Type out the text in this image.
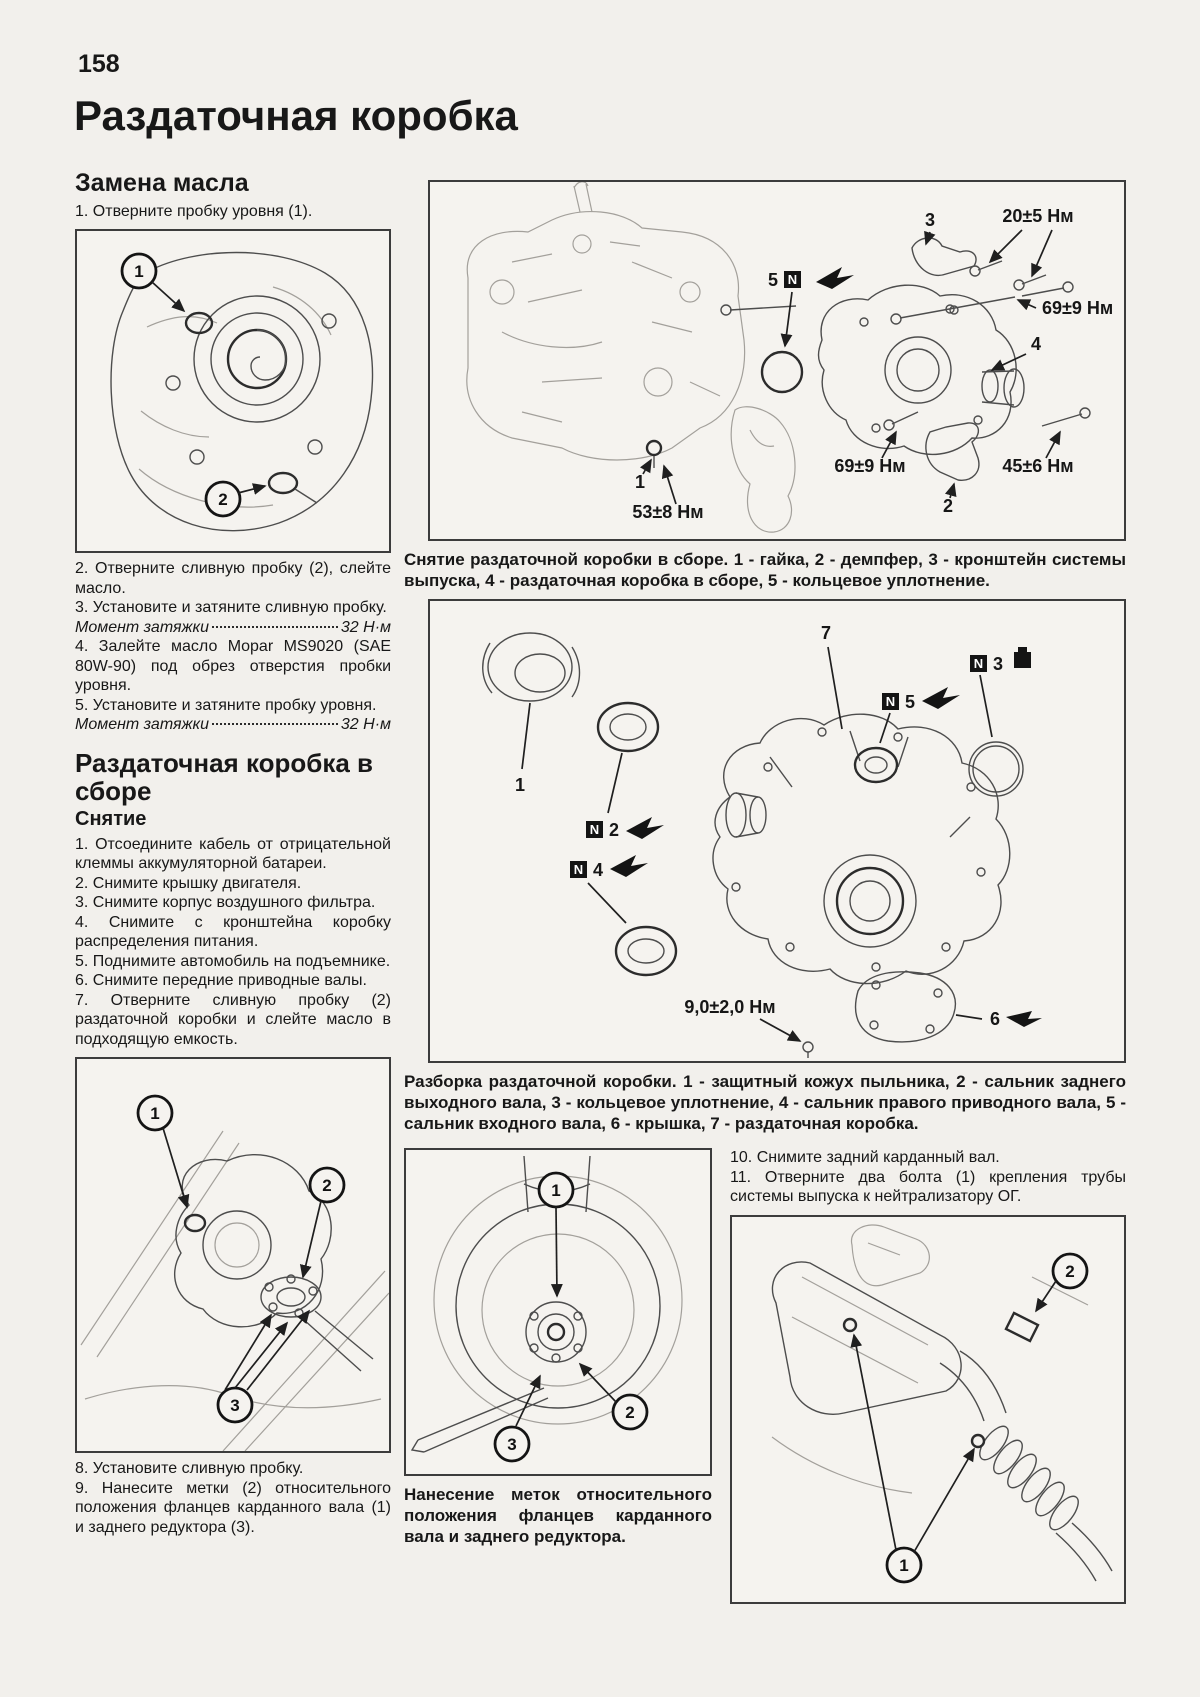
158
Раздаточная коробка
Замена масла

1. Отверните пробку уровня (1).

1
2

2. Отверните сливную пробку (2), слейте масло.

3. Установите и затяните сливную пробку.

Момент затяжки	32 Н·м

4. Залейте масло Mopar MS9020 (SAE 80W-90) под обрез отверстия пробки уровня.

5. Установите и затяните пробку уровня.

Момент затяжки	32 Н·м
Раздаточная коробка в сборе
Снятие

1. Отсоедините кабель от отрицательной клеммы аккумуляторной батареи.

2. Снимите крышку двигателя.

3. Снимите корпус воздушного фильтра.

4. Снимите с кронштейна коробку распределения питания.

5. Поднимите автомобиль на подъемнике.

6. Снимите передние приводные валы.

7. Отверните сливную пробку (2) раздаточной коробки и слейте масло в подходящую емкость.

1
2
3

8. Установите сливную пробку.

9. Нанесите метки (2) относительного положения фланцев карданного вала (1) и заднего редуктора (3).

3	20±5 Нм
5 N
69±9 Нм
4
1
53±8 Нм
69±9 Нм
2
45±6 Нм

Снятие раздаточной коробки в сборе. 1 - гайка, 2 - демпфер, 3 - кронштейн системы выпуска, 4 - раздаточная коробка в сборе, 5 - кольцевое уплотнение.

1
N 2
7
N 3
N 5
N 4
6
9,0±2,0 Нм

Разборка раздаточной коробки. 1 - защитный кожух пыльника, 2 - сальник заднего выходного вала, 3 - кольцевое уплотнение, 4 - сальник правого приводного вала, 5 - сальник входного вала, 6 - крышка, 7 - раздаточная коробка.

1
2
3

Нанесение меток относительного положения фланцев карданного вала и заднего редуктора.

10. Снимите задний карданный вал.

11. Отверните два болта (1) крепления трубы системы выпуска к нейтрализатору ОГ.

2
1
